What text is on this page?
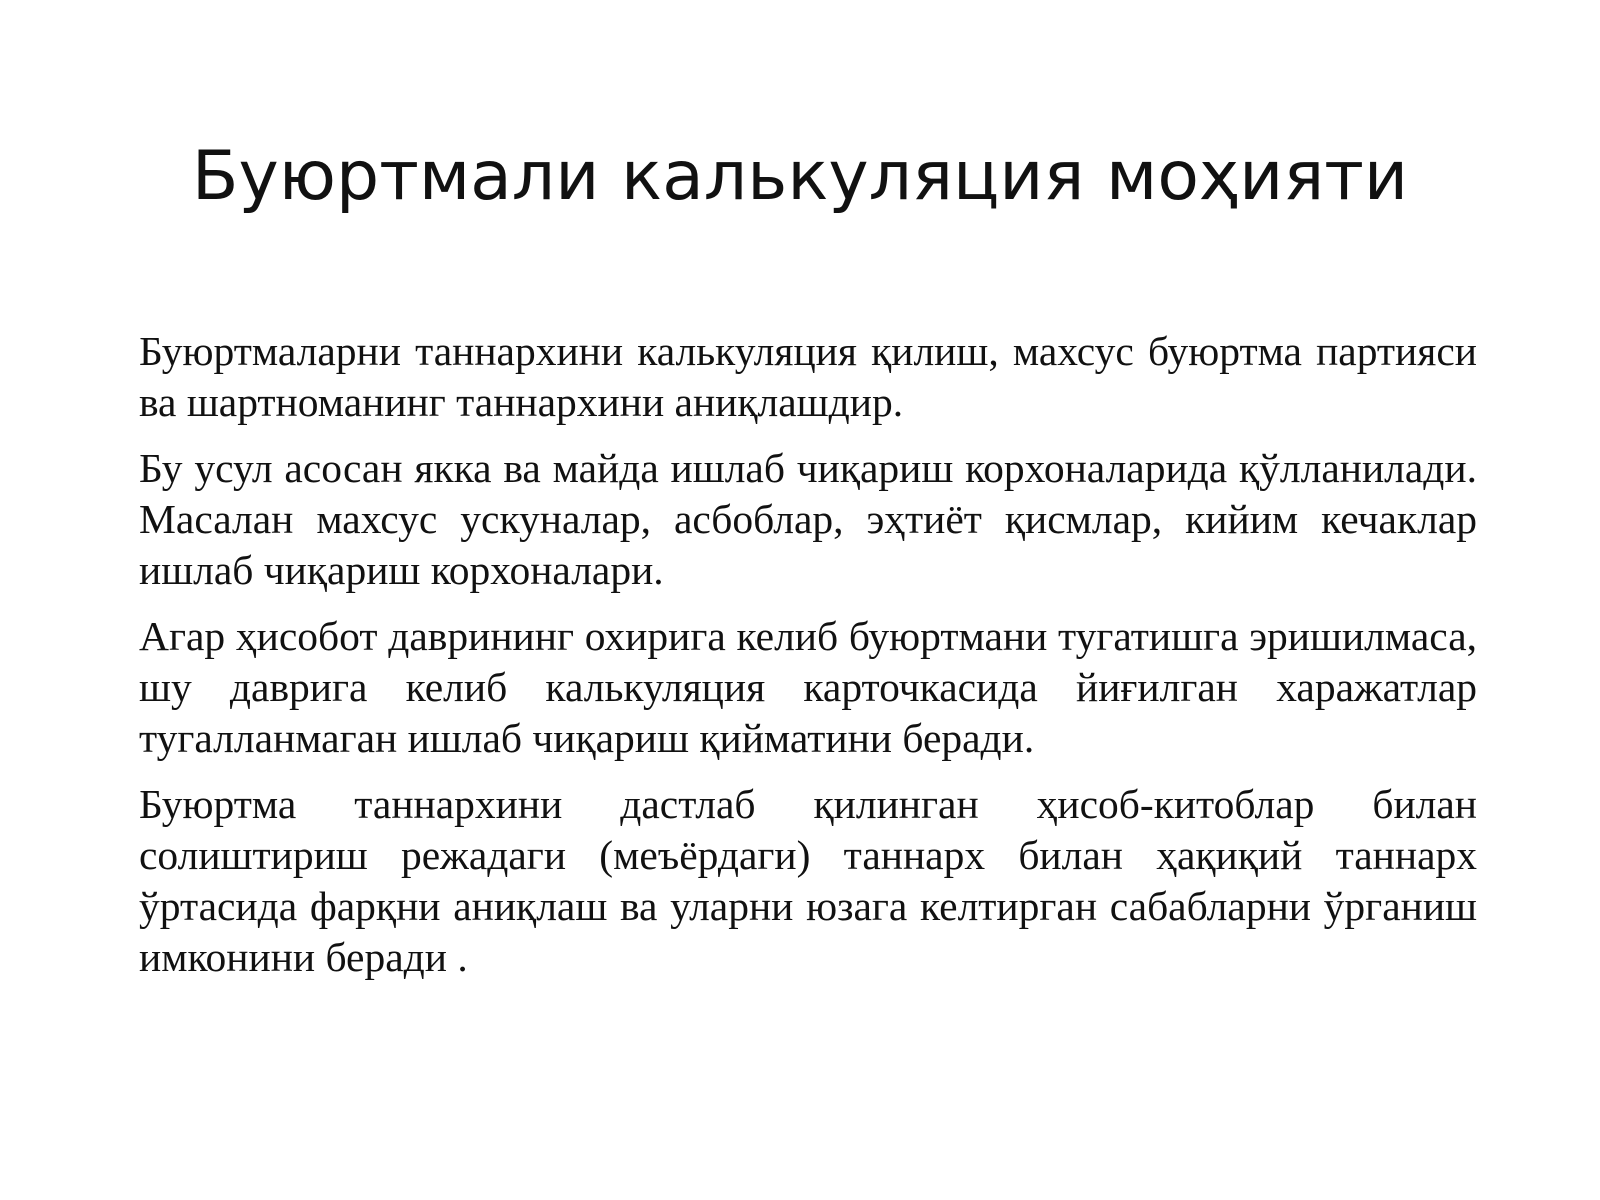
Буюртмали калькуляция моҳияти

Буюртмаларни таннархини калькуляция қилиш, махсус буюртма партияси ва шартноманинг таннархини аниқлашдир.

Бу усул асосан якка ва майда ишлаб чиқариш корхоналарида қўлланилади. Масалан махсус ускуналар, асбоблар, эҳтиёт қисмлар, кийим кечаклар ишлаб чиқариш корхоналари.

Агар ҳисобот даврининг охирига келиб буюртмани тугатишга эришилмаса, шу даврига келиб калькуляция карточкасида йиғилган харажатлар тугалланмаган ишлаб чиқариш қийматини беради.

Буюртма таннархини дастлаб қилинган ҳисоб-китоблар билан солиштириш режадаги (меъёрдаги) таннарх билан ҳақиқий таннарх ўртасида фарқни аниқлаш ва уларни юзага келтирган сабабларни ўрганиш имконини беради .
